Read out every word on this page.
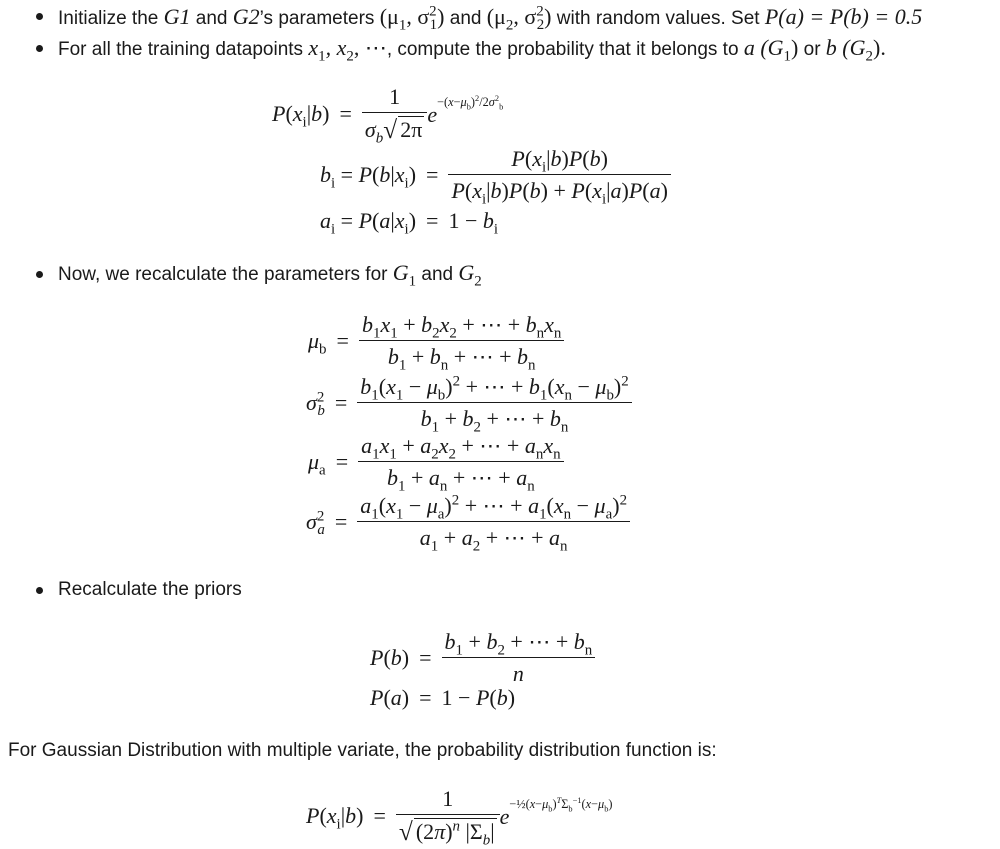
Initialize the G1 and G2’s parameters ($\mu_1$, $\sigma^2_1$) and ($\mu_2$, $\sigma^2_2$) with random values. Set P(a) = P(b) = 0.5
For all the training datapoints $x_1$, $x_2$, ⋯, compute the probability that it belongs to a $(G_1)$ or b $(G_2)$.
$P(x_i|b) = \frac{1}{\sigma_b √ 2\pi} e^{-(x-\mu_b)^2/2\sigma^2_b}$
$b_i = P(b|x_i) = \frac{P(x_i|b)P(b)}{P(x_i|b)P(b) + P(x_i|a)P(a)}$
$a_i = P(a|x_i) = 1 - b_i$
Now, we recalculate the parameters for $G_1$ and $G_2$
$\mu_b = \frac{b_1x_1 + b_2x_2 + \cdots + b_nx_n}{b_1 + b_n + \cdots + b_n}$
$\sigma^2_b = \frac{b_1(x_1 - \mu_b)^2 + \cdots + b_1(x_n - \mu_b)^2}{b_1 + b_2 + \cdots + b_n}$
$\mu_a = \frac{a_1x_1 + a_2x_2 + \cdots + a_nx_n}{b_1 + a_n + \cdots + a_n}$
$\sigma^2_a = \frac{a_1(x_1 - \mu_a)^2 + \cdots + a_1(x_n - \mu_a)^2}{a_1 + a_2 + \cdots + a_n}$
Recalculate the priors
$P(b) = \frac{b_1 + b_2 + \cdots + b_n}{n}$
P(a) = 1 − P(b)
For Gaussian Distribution with multiple variate, the probability distribution function is:
$P(x_i|b) = \frac{1}{√ (2\pi)^n |\Sigma_b|} e^{-\frac{1}{2}(x-\mu_b)^T\Sigma_b^{-1}(x-\mu_b)}$
